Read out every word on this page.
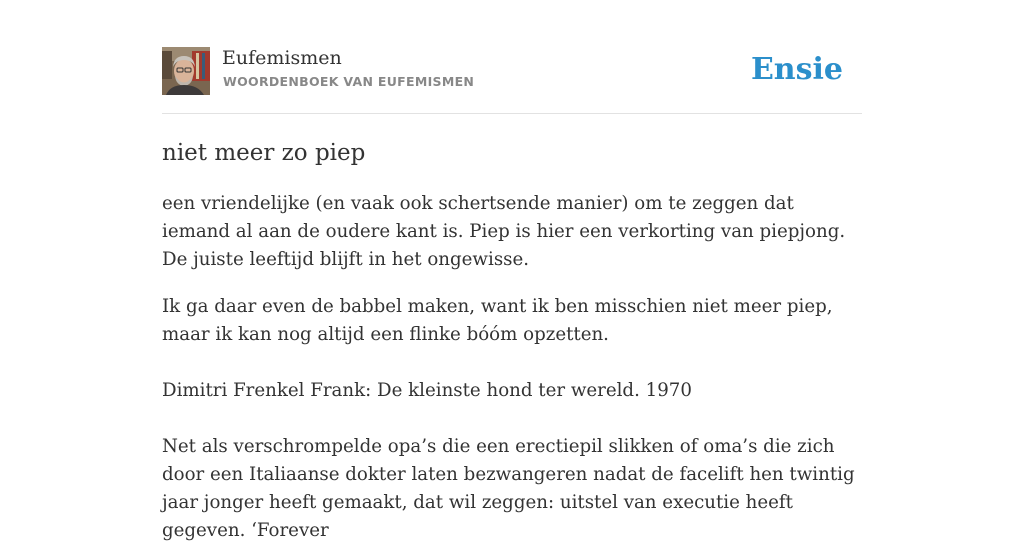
Eufemismen
WOORDENBOEK VAN EUFEMISMEN	Ensie
niet meer zo piep

een vriendelijke (en vaak ook schertsende manier) om te zeggen dat iemand al aan de oudere kant is. Piep is hier een verkorting van piepjong. De juiste leeftijd blijft in het ongewisse.

Ik ga daar even de babbel maken, want ik ben misschien niet meer piep, maar ik kan nog altijd een flinke bóóm opzetten.

Dimitri Frenkel Frank: De kleinste hond ter wereld. 1970

Net als verschrompelde opa’s die een erectiepil slikken of oma’s die zich door een Italiaanse dokter laten bezwangeren nadat de facelift hen twintig jaar jonger heeft gemaakt, dat wil zeggen: uitstel van executie heeft gegeven. ‘Forever
